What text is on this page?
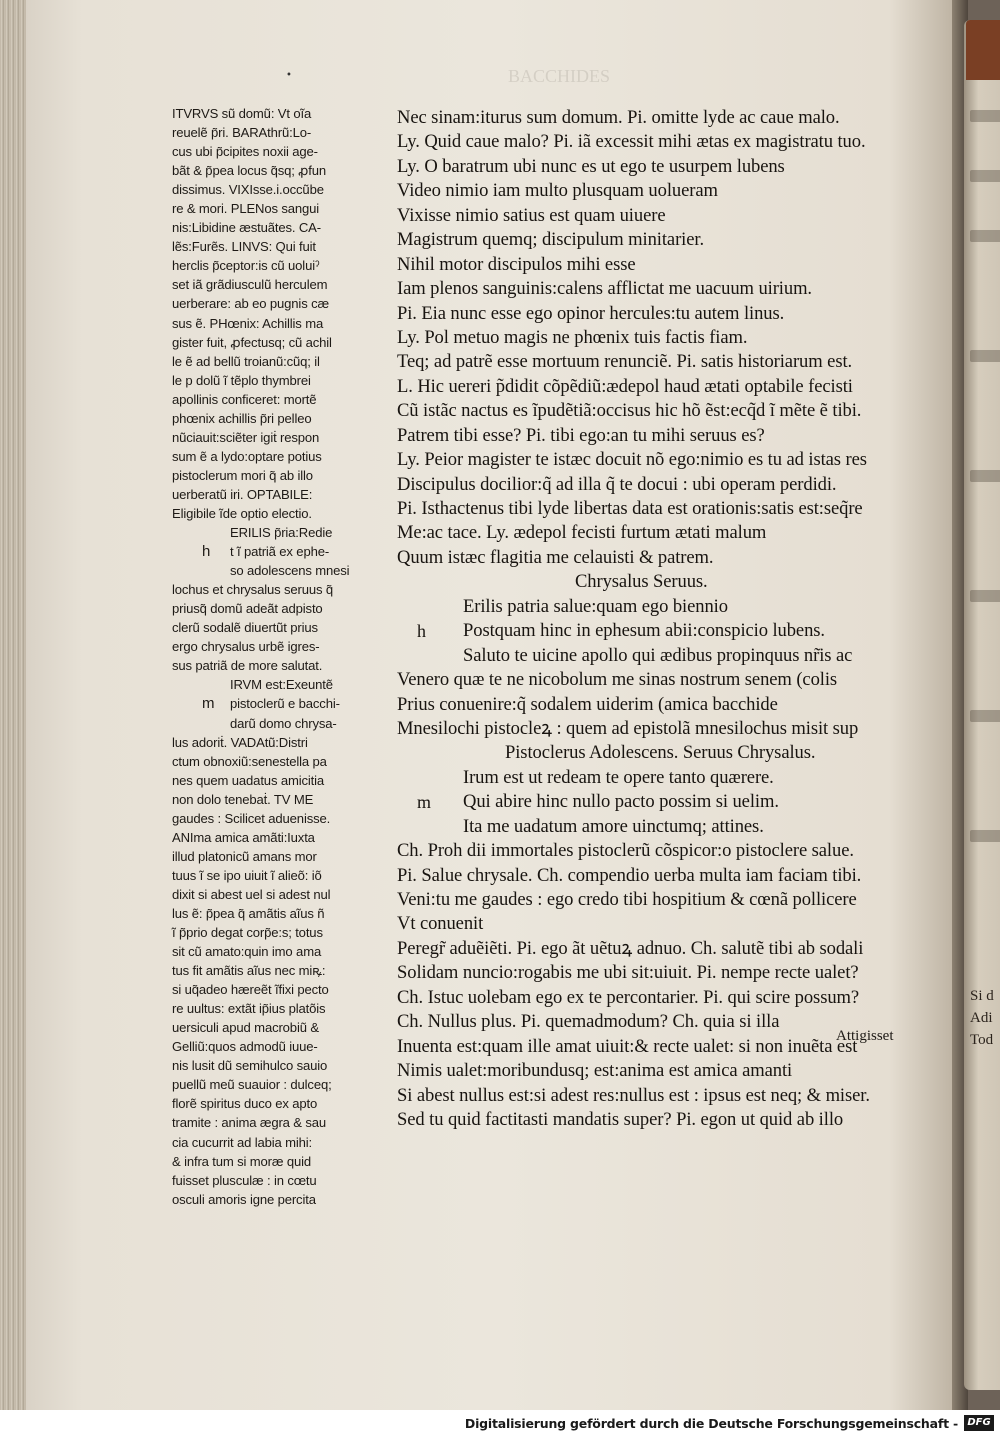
BACCHIDES
Si d
Adi
Tod
•
ITVRVS sũ domũ: Vt oĩa
reuelẽ p̃ri. BARAthrũ:Lo-
cus ubi p̃cipites noxii age-
bãt & p̃pea locus q̃sq; ꝓfun
dissimus. VIXIsse.i.occũbe
re & mori. PLENos sangui
nis:Libidine æstuãtes. CA-
lẽs:Furẽs. LINVS: Qui fuit
herclis p̃ceptor:is cũ uoluiˀ
set iã grãdiusculũ herculem
uerberare: ab eo pugnis cæ
sus ẽ. PHœnix: Achillis ma
gister fuit, ꝓfectusq; cũ achil
le ẽ ad bellũ troianũ:cũq; il
le p dolũ ĩ tẽplo thymbrei
apollinis conficeret: mortẽ
phœnix achillis p̃ri pelleo
nũciauit:sciẽter igiṫ respon
sum ẽ a lydo:optare potius
pistoclerum mori q̃ ab illo
uerberatũ iri. OPTABILE:
Eligibile ĩde optio electio.
ERILIS p̃ria:Redie
h t ĩ patriã ex ephe-
so adolescens mnesi
lochus et chrysalus seruus q̃
priusq̃ domũ adeãt adpisto
clerũ sodalẽ diuertũt prius
ergo chrysalus urbẽ igres-
sus patriã de more salutat.
IRVM est:Exeuntẽ
m pistoclerũ e bacchi-
darũ domo chrysa-
lus adoriṫ. VADAtũ:Distri
ctum obnoxiũ:senestella pa
nes quem uadatus amicitia
non dolo tenebaṫ. TV ME
gaudes : Scilicet aduenisse.
ANIma amica amãti:Iuxta
illud platonicũ amans mor
tuus ĩ se ipo uiuit ĩ alieõ: iõ
dixit si abest uel si adest nul
lus ẽ: p̃pea q̃ amãtis aĩus ñ
ĩ p̃prio degat corp̃e:s; totus
sit cũ amato:quin imo ama
tus fit amãtis aĩus nec miꝶ:
si uq̃adeo hæreẽt ĩfixi pecto
re uultus: extãt ip̃ius platõis
uersiculi apud macrobiũ &
Gelliũ:quos admodũ iuue-
nis lusit dũ semihulco sauio
puellũ meũ suauior : dulceq;
florẽ spiritus duco ex apto
tramite : anima ægra & sau
cia cucurrit ad labia mihi:
& infra tum si moræ quid
fuisset plusculæ : in cœtu
osculi amoris igne percita
Nec sinam:iturus sum domum. Pi. omitte lyde ac caue malo.
Ly. Quid caue malo? Pi. iã excessit mihi ætas ex magistratu tuo.
Ly. O baratrum ubi nunc es ut ego te usurpem lubens
Video nimio iam multo plusquam uolueram
Vixisse nimio satius est quam uiuere
Magistrum quemq; discipulum minitarier.
Nihil motor discipulos mihi esse
Iam plenos sanguinis:calens afflictat me uacuum uirium.
Pi. Eia nunc esse ego opinor hercules:tu autem linus.
Ly. Pol metuo magis ne phœnix tuis factis fiam.
Teq; ad patrẽ esse mortuum renunciẽ. Pi. satis historiarum est.
L. Hic uereri p̃didit cõpẽdiũ:ædepol haud ætati optabile fecisti
Cũ istãc nactus es ĩpudẽtiã:occisus hic hõ ẽst:ecq̃d ĩ mẽte ẽ tibi.
Patrem tibi esse? Pi. tibi ego:an tu mihi seruus es?
Ly. Peior magister te istæc docuit nõ ego:nimio es tu ad istas res
Discipulus docilior:q̃ ad illa q̃ te docui : ubi operam perdidi.
Pi. Isthactenus tibi lyde libertas data est orationis:satis est:seq̃re
Me:ac tace. Ly. ædepol fecisti furtum ætati malum
Quum istæc flagitia me celauisti & patrem.
Chrysalus Seruus.
Erilis patria salue:quam ego biennio
h Postquam hinc in ephesum abii:conspicio lubens.
Saluto te uicine apollo qui ædibus propinquus nr̃is ac
Venero quæ te ne nicobolum me sinas nostrum senem (colis
Prius conuenire:q̃ sodalem uiderim (amica bacchide
Mnesilochi pistocleꝝ : quem ad epistolã mnesilochus misit sup
Pistoclerus Adolescens. Seruus Chrysalus.
Irum est ut redeam te opere tanto quærere.
m Qui abire hinc nullo pacto possim si uelim.
Ita me uadatum amore uinctumq; attines.
Ch. Proh dii immortales pistoclerũ cõspicor:o pistoclere salue.
Pi. Salue chrysale. Ch. compendio uerba multa iam faciam tibi.
Veni:tu me gaudes : ego credo tibi hospitium & cœnã pollicere
Vt conuenit
Peregr̃ aduẽiẽti. Pi. ego ãt uẽtuꝝ adnuo. Ch. salutẽ tibi ab sodali
Solidam nuncio:rogabis me ubi sit:uiuit. Pi. nempe recte ualet?
Ch. Istuc uolebam ego ex te percontarier. Pi. qui scire possum?
Ch. Nullus plus. Pi. quemadmodum? Ch. quia si illa
Inuenta est:quam ille amat uiuit:& recte ualet: si non inuẽta est
Nimis ualet:moribundusq; est:anima est amica amanti
Si abest nullus est:si adest res:nullus est : ipsus est neq; & miser.
Sed tu quid factitasti mandatis super? Pi. egon ut quid ab illo
Attigisset
Digitalisierung gefördert durch die Deutsche Forschungsgemeinschaft - DFG
